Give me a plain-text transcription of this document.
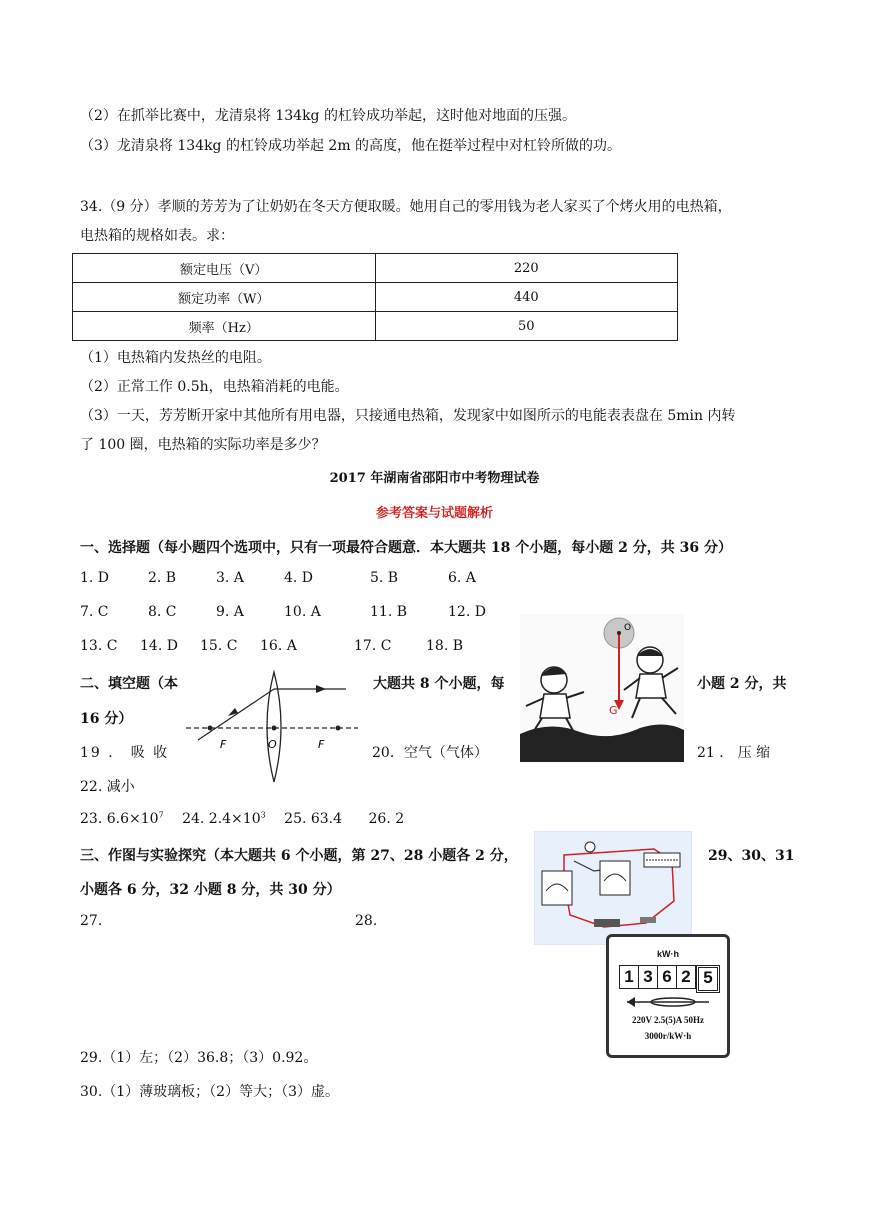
（2）在抓举比赛中，龙清泉将 134kg 的杠铃成功举起，这时他对地面的压强。
（3）龙清泉将 134kg 的杠铃成功举起 2m 的高度，他在挺举过程中对杠铃所做的功。
34.（9 分）孝顺的芳芳为了让奶奶在冬天方便取暖。她用自己的零用钱为老人家买了个烤火用的电热箱，
电热箱的规格如表。求：
额定电压（V）	220
额定功率（W）	440
频率（Hz）	50
（1）电热箱内发热丝的电阻。
（2）正常工作 0.5h，电热箱消耗的电能。
（3）一天，芳芳断开家中其他所有用电器，只接通电热箱，发现家中如图所示的电能表表盘在 5min 内转
了 100 圈，电热箱的实际功率是多少？
2017 年湖南省邵阳市中考物理试卷
参考答案与试题解析
一、选择题（每小题四个选项中，只有一项最符合题意．本大题共 18 个小题，每小题 2 分，共 36 分）
1. D	2. B	3. A	4. D	5. B	6. A
7. C	8. C	9. A	10. A	11. B	12. D
13. C 14. D 15. C 16. A	17. C 18. B
二、填空题（本	大题共 8 个小题，每	小题 2 分，共
16 分）
F	O	F
O
G
19 ． 吸 收	20．空气（气体）	21 ． 压 缩
22. 减小
23. $6.6\times 10^7$ 24. $2.4\times 10^3$ 25. 63.4 26. 2
三、作图与实验探究（本大题共 6 个小题，第 27、28 小题各 2 分，	29、30、31
小题各 6 分，32 小题 8 分，共 30 分）
27.	28.
kW·h
1 3 6 2 5
220V 2.5(5)A 50Hz
3000r/kW·h
29.（1）左；（2）36.8；（3）0.92。
30.（1）薄玻璃板；（2）等大；（3）虚。
